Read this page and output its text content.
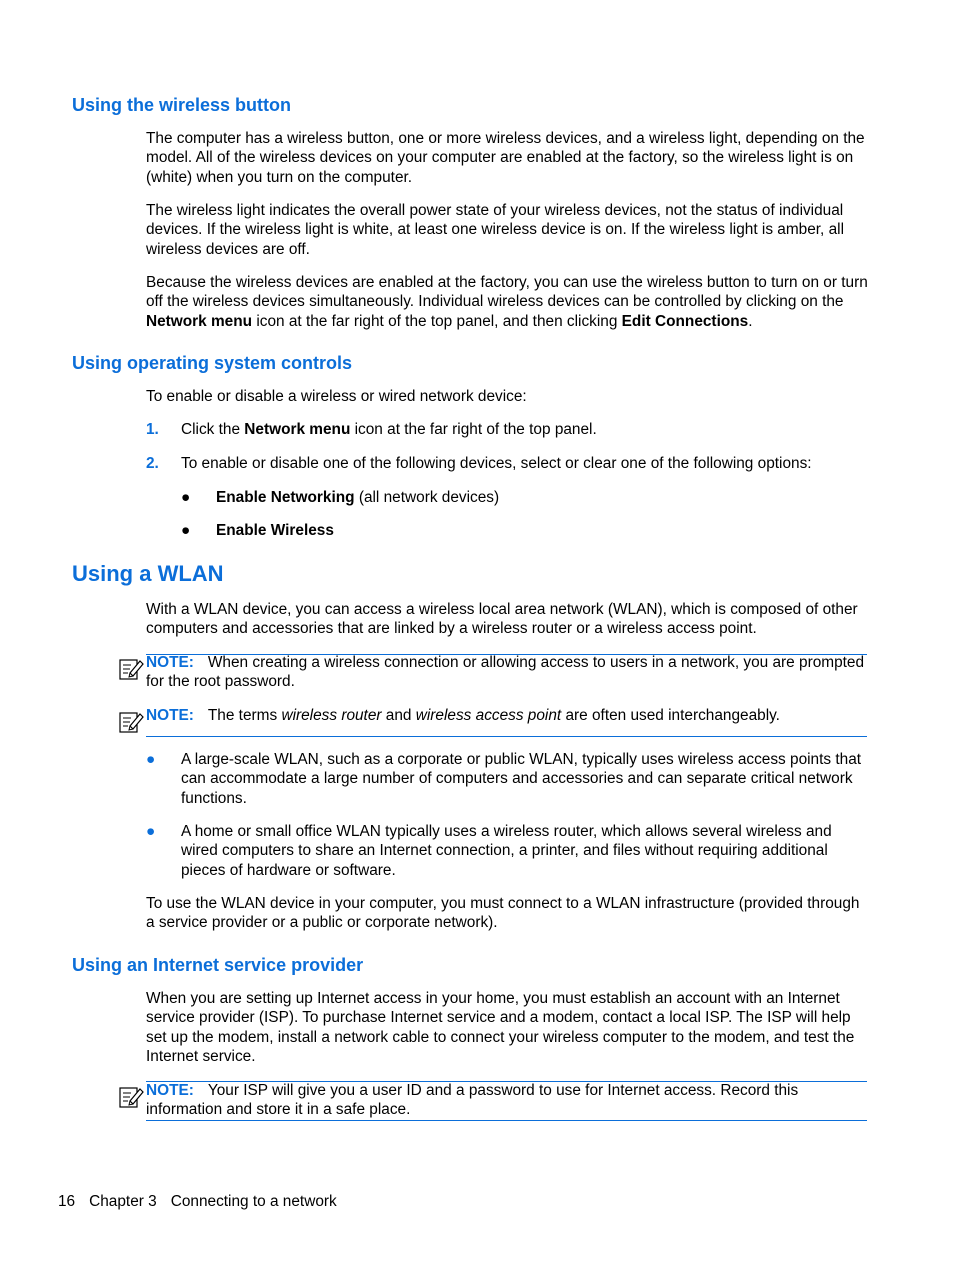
Using the wireless button

The computer has a wireless button, one or more wireless devices, and a wireless light, depending on the model. All of the wireless devices on your computer are enabled at the factory, so the wireless light is on (white) when you turn on the computer.

The wireless light indicates the overall power state of your wireless devices, not the status of individual devices. If the wireless light is white, at least one wireless device is on. If the wireless light is amber, all wireless devices are off.

Because the wireless devices are enabled at the factory, you can use the wireless button to turn on or turn off the wireless devices simultaneously. Individual wireless devices can be controlled by clicking on the Network menu icon at the far right of the top panel, and then clicking Edit Connections.

Using operating system controls

To enable or disable a wireless or wired network device:

1. Click the Network menu icon at the far right of the top panel.
2. To enable or disable one of the following devices, select or clear one of the following options:
● Enable Networking (all network devices)
● Enable Wireless
Using a WLAN

With a WLAN device, you can access a wireless local area network (WLAN), which is composed of other computers and accessories that are linked by a wireless router or a wireless access point.

NOTE: When creating a wireless connection or allowing access to users in a network, you are prompted for the root password.
NOTE: The terms wireless router and wireless access point are often used interchangeably.
● A large-scale WLAN, such as a corporate or public WLAN, typically uses wireless access points that can accommodate a large number of computers and accessories and can separate critical network functions.
● A home or small office WLAN typically uses a wireless router, which allows several wireless and wired computers to share an Internet connection, a printer, and files without requiring additional pieces of hardware or software.

To use the WLAN device in your computer, you must connect to a WLAN infrastructure (provided through a service provider or a public or corporate network).

Using an Internet service provider

When you are setting up Internet access in your home, you must establish an account with an Internet service provider (ISP). To purchase Internet service and a modem, contact a local ISP. The ISP will help set up the modem, install a network cable to connect your wireless computer to the modem, and test the Internet service.

NOTE: Your ISP will give you a user ID and a password to use for Internet access. Record this information and store it in a safe place.
16 Chapter 3 Connecting to a network
